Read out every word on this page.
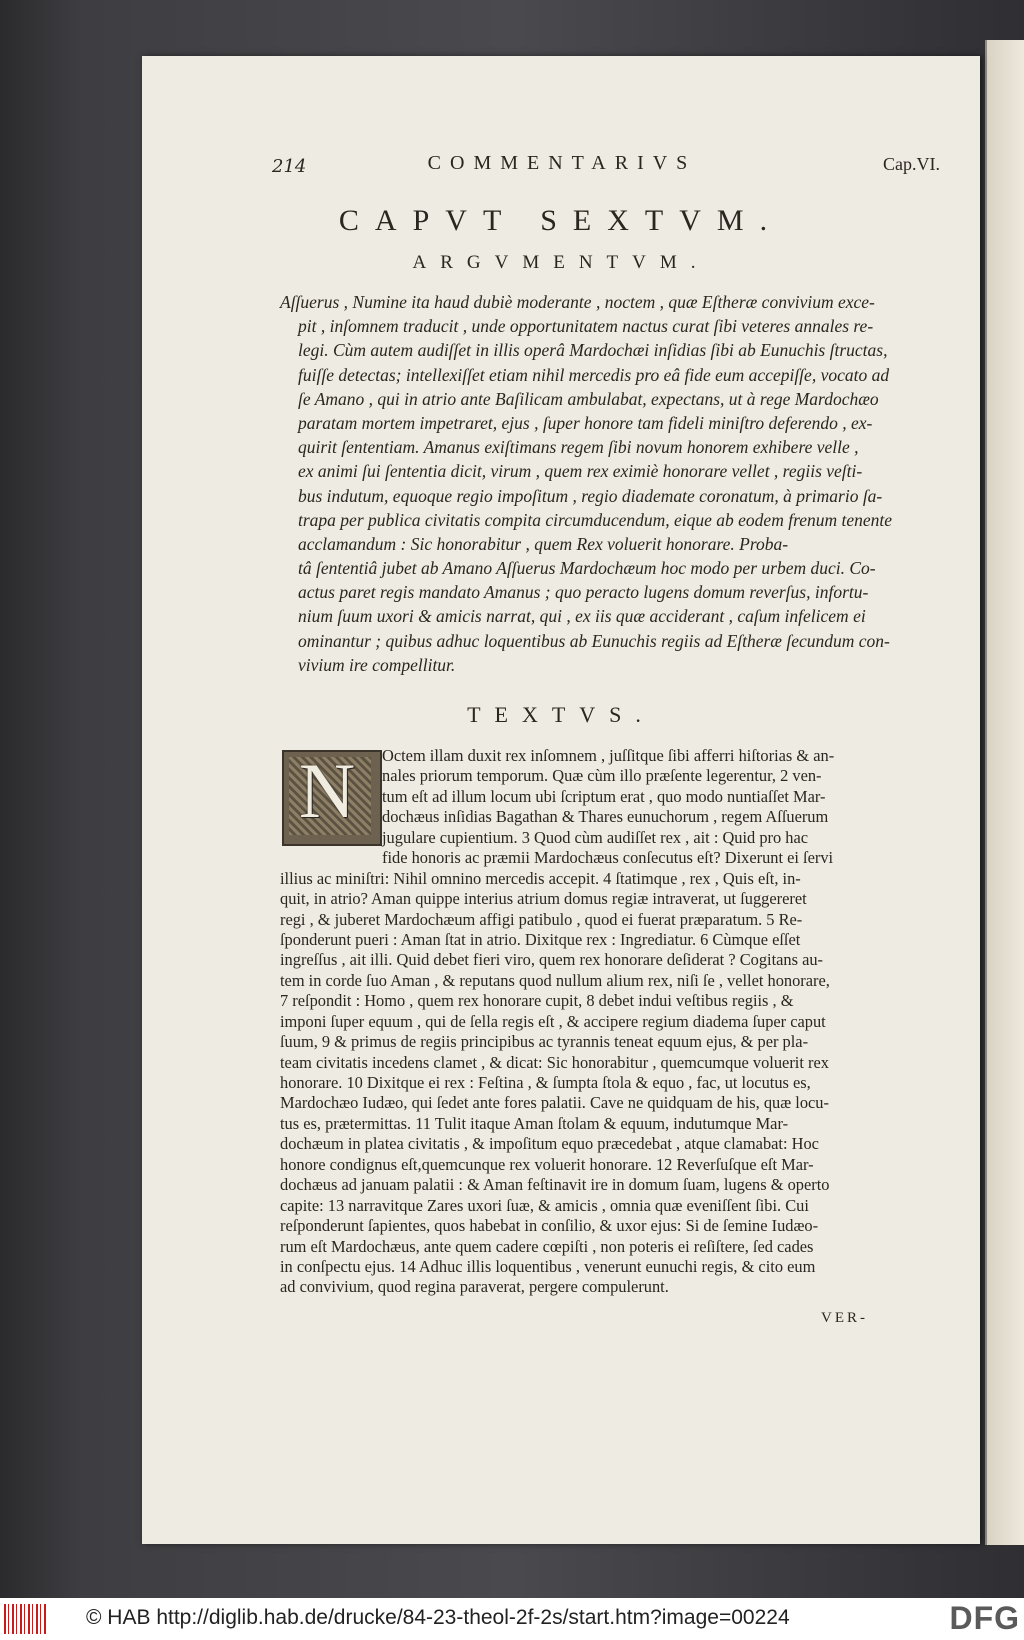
214	COMMENTARIVS	Cap.VI.
CAPVT SEXTVM.
ARGVMENTVM.
Aſſuerus , Numine ita haud dubiè moderante , noctem , quæ Eſtheræ convivium exce-
pit , inſomnem traducit , unde opportunitatem nactus curat ſibi veteres annales re-
legi. Cùm autem audiſſet in illis operâ Mardochæi inſidias ſibi ab Eunuchis ſtructas,
fuiſſe detectas; intellexiſſet etiam nihil mercedis pro eâ fide eum accepiſſe, vocato ad
ſe Amano , qui in atrio ante Baſilicam ambulabat, expectans, ut à rege Mardochæo
paratam mortem impetraret, ejus , ſuper honore tam fideli miniſtro deferendo , ex-
quirit ſententiam. Amanus exiſtimans regem ſibi novum honorem exhibere velle ,
ex animi ſui ſententia dicit, virum , quem rex eximiè honorare vellet , regiis veſti-
bus indutum, equoque regio impoſitum , regio diademate coronatum, à primario ſa-
trapa per publica civitatis compita circumducendum, eique ab eodem frenum tenente
acclamandum : Sic honorabitur , quem Rex voluerit honorare. Proba-
tâ ſententiâ jubet ab Amano Aſſuerus Mardochæum hoc modo per urbem duci. Co-
actus paret regis mandato Amanus ; quo peracto lugens domum reverſus, infortu-
nium ſuum uxori & amicis narrat, qui , ex iis quæ acciderant , caſum infelicem ei
ominantur ; quibus adhuc loquentibus ab Eunuchis regiis ad Eſtheræ ſecundum con-
vivium ire compellitur.
TEXTVS.
N	Octem illam duxit rex inſomnem , juſſitque ſibi afferri hiſtorias & an-
nales priorum temporum. Quæ cùm illo præſente legerentur, 2 ven-
tum eſt ad illum locum ubi ſcriptum erat , quo modo nuntiaſſet Mar-
dochæus inſidias Bagathan & Thares eunuchorum , regem Aſſuerum
jugulare cupientium. 3 Quod cùm audiſſet rex , ait : Quid pro hac
fide honoris ac præmii Mardochæus conſecutus eſt? Dixerunt ei ſervi
illius ac miniſtri: Nihil omnino mercedis accepit. 4 ſtatimque , rex , Quis eſt, in-
quit, in atrio? Aman quippe interius atrium domus regiæ intraverat, ut ſuggereret
regi , & juberet Mardochæum affigi patibulo , quod ei fuerat præparatum. 5 Re-
ſponderunt pueri : Aman ſtat in atrio. Dixitque rex : Ingrediatur. 6 Cùmque eſſet
ingreſſus , ait illi. Quid debet fieri viro, quem rex honorare deſiderat ? Cogitans au-
tem in corde ſuo Aman , & reputans quod nullum alium rex, niſi ſe , vellet honorare,
7 reſpondit : Homo , quem rex honorare cupit, 8 debet indui veſtibus regiis , &
imponi ſuper equum , qui de ſella regis eſt , & accipere regium diadema ſuper caput
ſuum, 9 & primus de regiis principibus ac tyrannis teneat equum ejus, & per pla-
team civitatis incedens clamet , & dicat: Sic honorabitur , quemcumque voluerit rex
honorare. 10 Dixitque ei rex : Feſtina , & ſumpta ſtola & equo , fac, ut locutus es,
Mardochæo Iudæo, qui ſedet ante fores palatii. Cave ne quidquam de his, quæ locu-
tus es, prætermittas. 11 Tulit itaque Aman ſtolam & equum, indutumque Mar-
dochæum in platea civitatis , & impoſitum equo præcedebat , atque clamabat: Hoc
honore condignus eſt,quemcunque rex voluerit honorare. 12 Reverſuſque eſt Mar-
dochæus ad januam palatii : & Aman feſtinavit ire in domum ſuam, lugens & operto
capite: 13 narravitque Zares uxori ſuæ, & amicis , omnia quæ eveniſſent ſibi. Cui
reſponderunt ſapientes, quos habebat in conſilio, & uxor ejus: Si de ſemine Iudæo-
rum eſt Mardochæus, ante quem cadere cœpiſti , non poteris ei reſiſtere, ſed cades
in conſpectu ejus. 14 Adhuc illis loquentibus , venerunt eunuchi regis, & cito eum
ad convivium, quod regina paraverat, pergere compulerunt.
VER-
© HAB http://diglib.hab.de/drucke/84-23-theol-2f-2s/start.htm?image=00224	DFG
